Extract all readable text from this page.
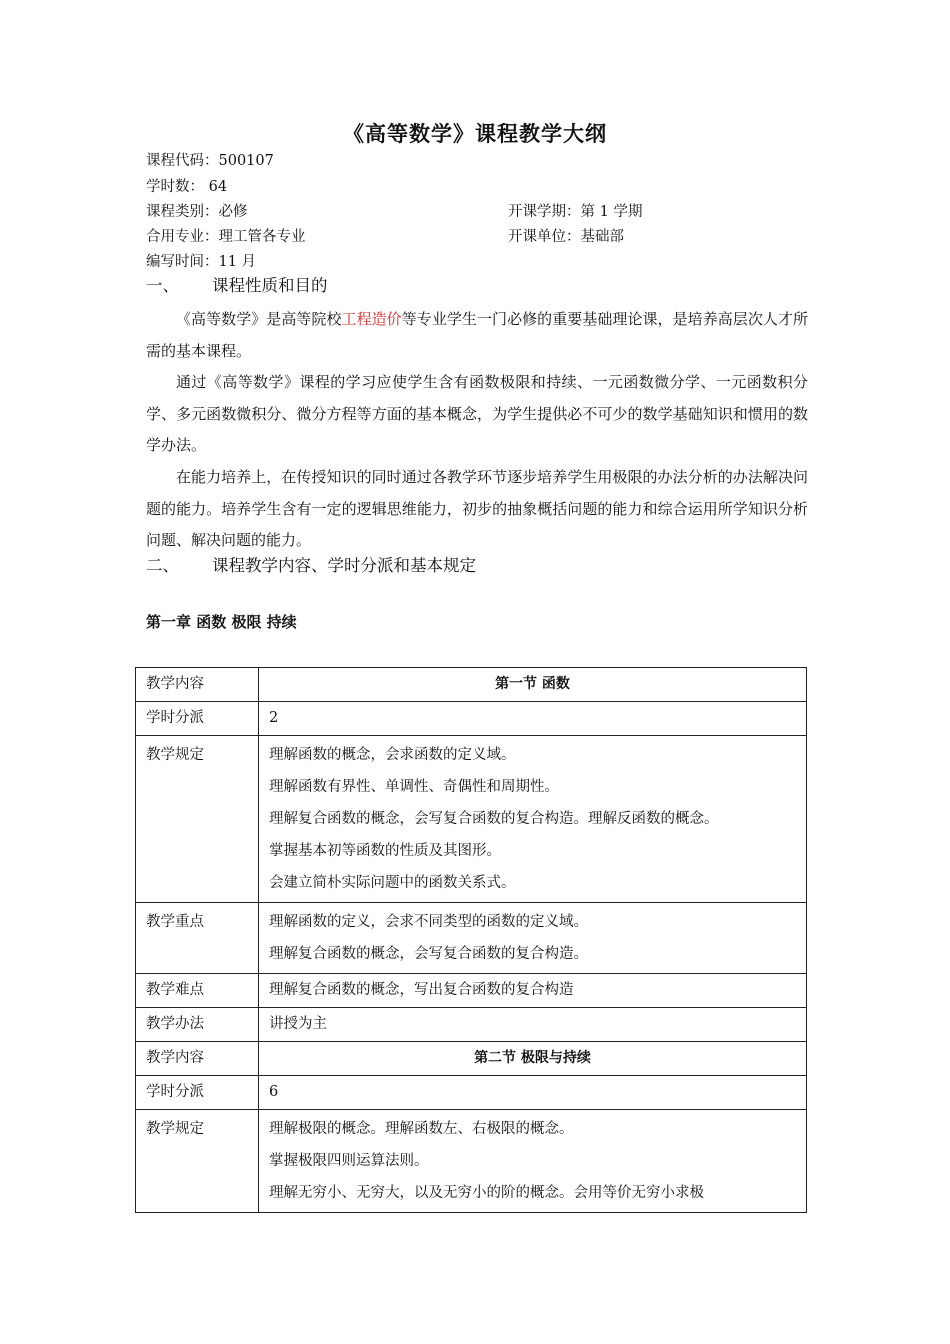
《高等数学》课程教学大纲
课程代码：500107
学时数： 64
课程类别：必修	开课学期：第 1 学期
合用专业：理工管各专业	开课单位：基础部
编写时间：11 月
一、 课程性质和目的
《高等数学》是高等院校工程造价等专业学生一门必修的重要基础理论课，是培养高层次人才所需的基本课程。
通过《高等数学》课程的学习应使学生含有函数极限和持续、一元函数微分学、一元函数积分学、多元函数微积分、微分方程等方面的基本概念，为学生提供必不可少的数学基础知识和惯用的数学办法。
在能力培养上，在传授知识的同时通过各教学环节逐步培养学生用极限的办法分析的办法解决问题的能力。培养学生含有一定的逻辑思维能力，初步的抽象概括问题的能力和综合运用所学知识分析问题、解决问题的能力。
二、 课程教学内容、学时分派和基本规定
第一章 函数 极限 持续
教学内容	第一节 函数
学时分派	2
教学规定	理解函数的概念，会求函数的定义域。
理解函数有界性、单调性、奇偶性和周期性。
理解复合函数的概念，会写复合函数的复合构造。理解反函数的概念。
掌握基本初等函数的性质及其图形。
会建立简朴实际问题中的函数关系式。

教学重点	理解函数的定义，会求不同类型的函数的定义域。
理解复合函数的概念，会写复合函数的复合构造。

教学难点	理解复合函数的概念，写出复合函数的复合构造
教学办法	讲授为主
教学内容	第二节 极限与持续
学时分派	6
教学规定	理解极限的概念。理解函数左、右极限的概念。
掌握极限四则运算法则。
理解无穷小、无穷大，以及无穷小的阶的概念。会用等价无穷小求极
